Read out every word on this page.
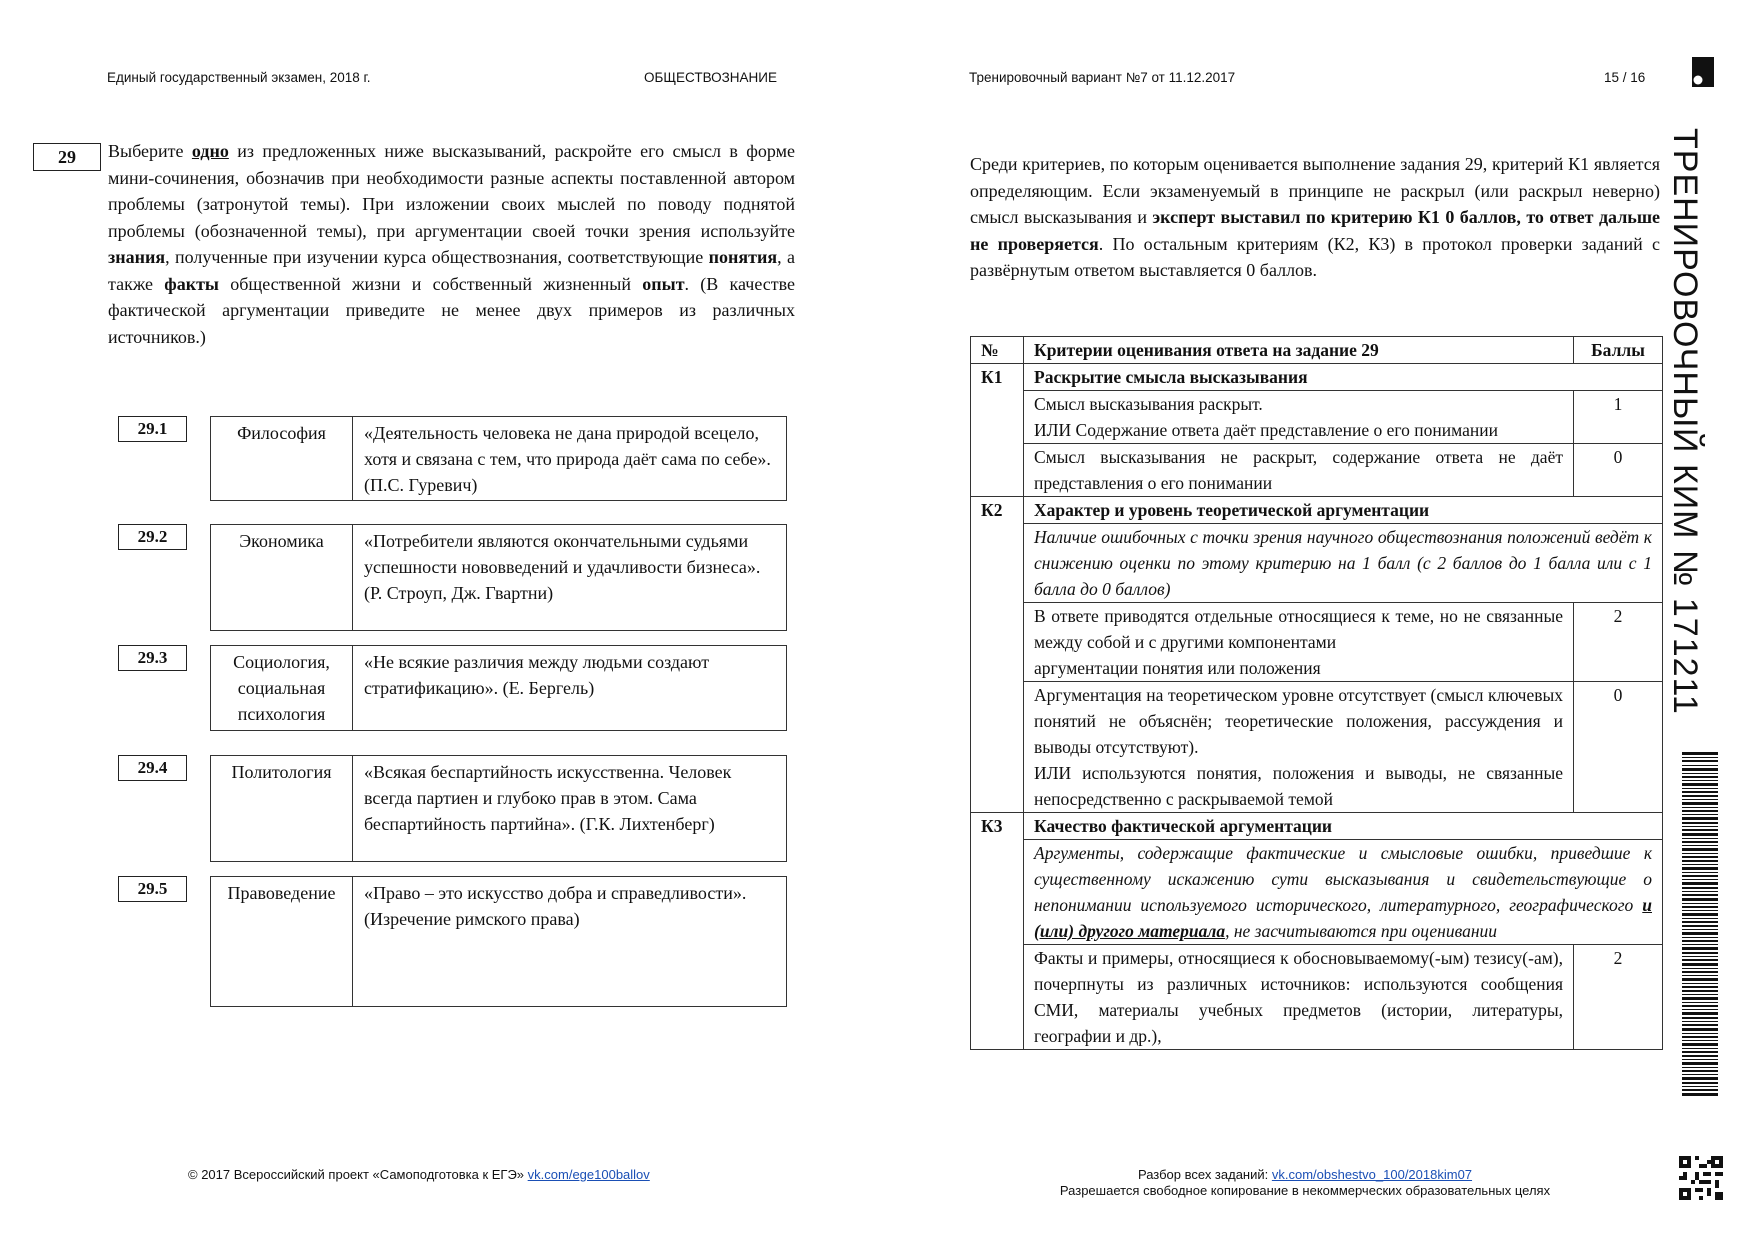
Единый государственный экзамен, 2018 г.	ОБЩЕСТВОЗНАНИЕ	Тренировочный вариант №7 от 11.12.2017	15 / 16
ТРЕНИРОВОЧНЫЙ КИМ № 171211
29	Выберите одно из предложенных ниже высказываний, раскройте его смысл в форме мини-сочинения, обозначив при необходимости разные аспекты поставленной автором проблемы (затронутой темы). При изложении своих мыслей по поводу поднятой проблемы (обозначенной темы), при аргументации своей точки зрения используйте знания, полученные при изучении курса обществознания, соответствующие понятия, а также факты общественной жизни и собственный жизненный опыт. (В качестве фактической аргументации приведите не менее двух примеров из различных источников.)
29.1	Философия	«Деятельность человека не дана природой всецело, хотя и связана с тем, что природа даёт сама по себе». (П.С. Гуревич)
29.2	Экономика	«Потребители являются окончательными судьями успешности нововведений и удачливости бизнеса». (Р. Строуп, Дж. Гвартни)
29.3	Социология, социальная психология	«Не всякие различия между людьми создают стратификацию». (Е. Бергель)
29.4	Политология	«Всякая беспартийность искусственна. Человек всегда партиен и глубоко прав в этом. Сама беспартийность партийна». (Г.К. Лихтенберг)
29.5	Правоведение	«Право – это искусство добра и справедливости». (Изречение римского права)
Среди критериев, по которым оценивается выполнение задания 29, критерий К1 является определяющим. Если экзаменуемый в принципе не раскрыл (или раскрыл неверно) смысл высказывания и эксперт выставил по критерию К1 0 баллов, то ответ дальше не проверяется. По остальным критериям (К2, К3) в протокол проверки заданий с развёрнутым ответом выставляется 0 баллов.
№	Критерии оценивания ответа на задание 29	Баллы
К1	Раскрытие смысла высказывания	

	Смысл высказывания раскрыт.
ИЛИ Содержание ответа даёт представление о его понимании	1
	Смысл высказывания не раскрыт, содержание ответа не даёт представления о его понимании	0
К2	Характер и уровень теоретической аргументации	
	Наличие ошибочных с точки зрения научного обществознания положений ведёт к снижению оценки по этому критерию на 1 балл (с 2 баллов до 1 балла или с 1 балла до 0 баллов)	

	В ответе приводятся отдельные относящиеся к теме, но не связанные между собой и с другими компонентами
аргументации понятия или положения	2

	Аргументация на теоретическом уровне отсутствует (смысл ключевых понятий не объяснён; теоретические положения, рассуждения и выводы отсутствуют).
ИЛИ используются понятия, положения и выводы, не связанные непосредственно с раскрываемой темой	0
К3	Качество фактической аргументации	
	Аргументы, содержащие фактические и смысловые ошибки, приведшие к существенному искажению сути высказывания и свидетельствующие о непонимании используемого исторического, литературного, географического и (или) другого материала, не засчитываются при оценивании	
	Факты и примеры, относящиеся к обосновываемому(-ым) тезису(-ам), почерпнуты из различных источников: используются сообщения СМИ, материалы учебных предметов (истории, литературы, географии и др.),	2
© 2017 Всероссийский проект «Самоподготовка к ЕГЭ» vk.com/ege100ballov	Разбор всех заданий: vk.com/obshestvo_100/2018kim07
Разрешается свободное копирование в некоммерческих образовательных целях
